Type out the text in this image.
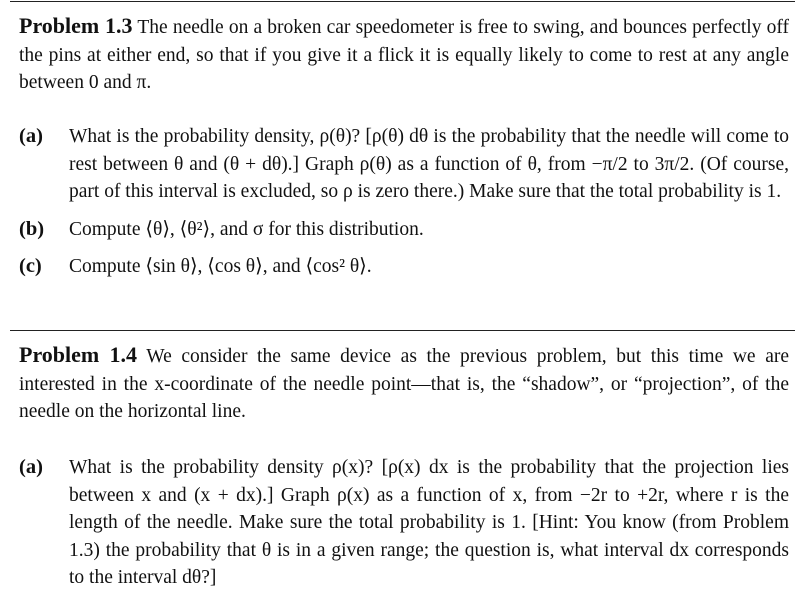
Problem 1.3 The needle on a broken car speedometer is free to swing, and bounces perfectly off the pins at either end, so that if you give it a flick it is equally likely to come to rest at any angle between 0 and π.

(a) What is the probability density, ρ(θ)? [ρ(θ) dθ is the probability that the needle will come to rest between θ and (θ + dθ).] Graph ρ(θ) as a function of θ, from −π/2 to 3π/2. (Of course, part of this interval is excluded, so ρ is zero there.) Make sure that the total probability is 1.
(b) Compute ⟨θ⟩, ⟨θ²⟩, and σ for this distribution.
(c) Compute ⟨sin θ⟩, ⟨cos θ⟩, and ⟨cos² θ⟩.

Problem 1.4 We consider the same device as the previous problem, but this time we are interested in the x-coordinate of the needle point—that is, the “shadow”, or “projection”, of the needle on the horizontal line.

(a) What is the probability density ρ(x)? [ρ(x) dx is the probability that the projection lies between x and (x + dx).] Graph ρ(x) as a function of x, from −2r to +2r, where r is the length of the needle. Make sure the total probability is 1. [Hint: You know (from Problem 1.3) the probability that θ is in a given range; the question is, what interval dx corresponds to the interval dθ?]
